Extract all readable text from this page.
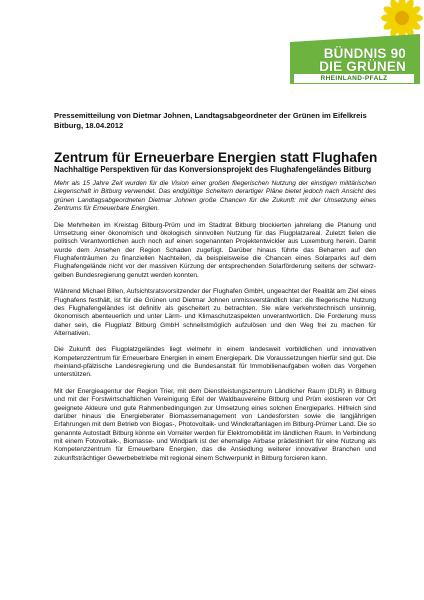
BÜNDNIS 90
DIE GRÜNEN
RHEINLAND-PFALZ
Pressemitteilung von Dietmar Johnen, Landtagsabgeordneter der Grünen im Eifelkreis
Bitburg, 18.04.2012
Zentrum für Erneuerbare Energien statt Flughafen
Nachhaltige Perspektiven für das Konversionsprojekt des Flughafengeländes Bitburg

Mehr als 15 Jahre Zeit wurden für die Vision einer großen fliegerischen Nutzung der einstigen militärischen Liegenschaft in Bitburg verwendet. Das endgültige Scheitern derartiger Pläne bietet jedoch nach Ansicht des grünen Landtagsabgeordneten Dietmar Johnen große Chancen für die Zukunft: mit der Umsetzung eines Zentrums für Erneuerbare Energien.

Die Mehrheiten im Kreistag Bitburg-Prüm und im Stadtrat Bitburg blockierten jahrelang die Planung und Umsetzung einer ökonomisch und ökologisch sinnvollen Nutzung für das Flugplatzareal. Zuletzt fielen die politisch Verantwortlichen auch noch auf einen sogenannten Projektentwickler aus Luxemburg herein. Damit wurde dem Ansehen der Region Schaden zugefügt. Darüber hinaus führte das Beharren auf den Flughafenträumen zu finanziellen Nachteilen, da beispielsweise die Chancen eines Solarparks auf dem Flughafengelände nicht vor der massiven Kürzung der entsprechenden Solarförderung seitens der schwarz-gelben Bundesregierung genutzt werden konnten.

Während Michael Billen, Aufsichtsratsvorsitzender der Flughafen GmbH, ungeachtet der Realität am Ziel eines Flughafens festhält, ist für die Grünen und Dietmar Johnen unmissverständlich klar: die fliegerische Nutzung des Flughafengeländes ist definitiv als gescheitert zu betrachten. Sie wäre verkehrstechnisch unsinnig, ökonomisch abenteuerlich und unter Lärm- und Klimaschutzaspekten unverantwortlich. Die Forderung muss daher sein, die Flugplatz Bitburg GmbH schnellstmöglich aufzulösen und den Weg frei zu machen für Alternativen.

Die Zukunft des Flugplatzgeländes liegt vielmehr in einem landesweit vorbildlichen und innovativen Kompetenzzentrum für Erneuerbare Energien in einem Energiepark. Die Voraussetzungen hierfür sind gut. Die rheinland-pfälzische Landesregierung und die Bundesanstalt für Immobilienaufgaben wollen das Vorgehen unterstützen.

Mit der Energieagentur der Region Trier, mit dem Dienstleistungszentrum Ländlicher Raum (DLR) in Bitburg und mit der Forstwirtschaftlichen Vereinigung Eifel der Waldbauvereine Bitburg und Prüm existieren vor Ort geeignete Akteure und gute Rahmenbedingungen zur Umsetzung eines solchen Energieparks. Hilfreich sind darüber hinaus die Energieberater Biomassemanagement von Landesforsten sowie die langjährigen Erfahrungen mit dem Betrieb von Biogas-, Photovoltaik- und Windkraftanlagen im Bitburg-Prümer Land. Die so genannte Autostadt Bitburg könnte ein Vorreiter werden für Elektromobilität im ländlichen Raum. In Verbindung mit einem Fotovoltaik-, Biomasse- und Windpark ist der ehemalige Airbase prädestiniert für eine Nutzung als Kompetenzzentrum für Erneuerbare Energien, das die Ansiedlung weiterer innovativer Branchen und zukunftsträchtiger Gewerbebetriebe mit regional einem Schwerpunkt in Bitburg forcieren kann.
